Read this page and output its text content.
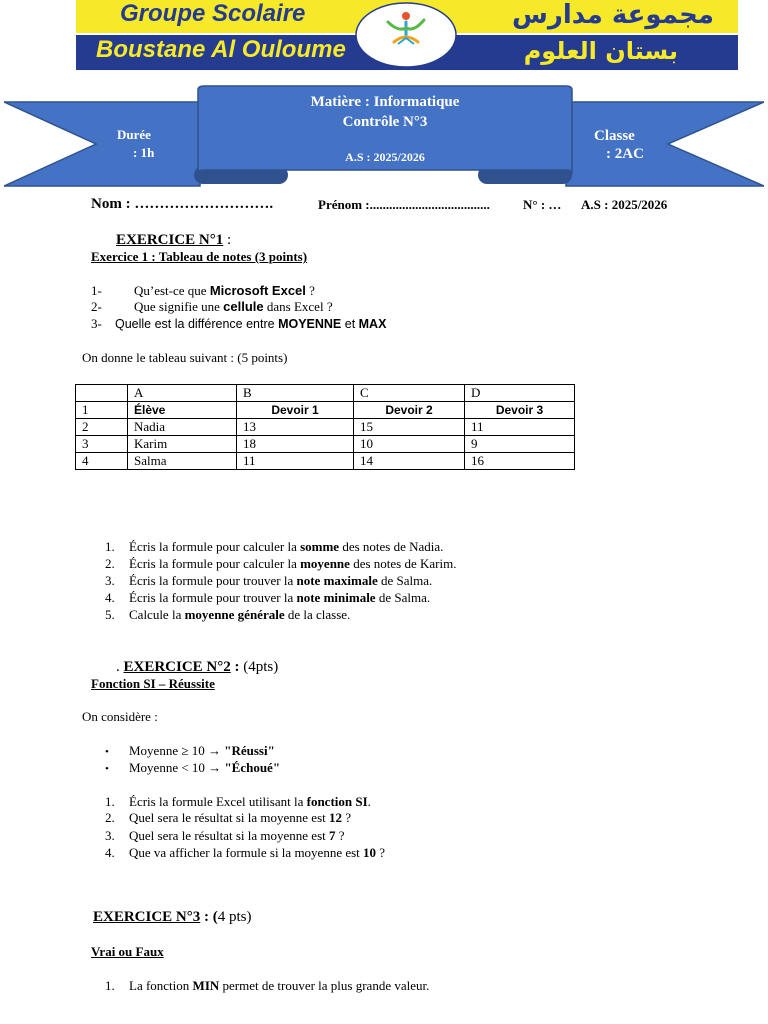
Groupe Scolaire
Boustane Al Ouloume
مجموعة مدارس
بستان العلوم
Matière : Informatique
Contrôle N°3
A.S : 2025/2026
Durée
: 1h
Classe
: 2AC
Nom : ……………………….	Prénom :.....................................	N° : … A.S : 2025/2026
EXERCICE N°1 :
Exercice 1 : Tableau de notes (3 points)
1- Qu’est-ce que Microsoft Excel ?
2- Que signifie une cellule dans Excel ?
3- Quelle est la différence entre MOYENNE et MAX
On donne le tableau suivant : (5 points)
	A	B	C	D
1	Élève	Devoir 1	Devoir 2	Devoir 3
2	Nadia	13	15	11
3	Karim	18	10	9
4	Salma	11	14	16
1. Écris la formule pour calculer la somme des notes de Nadia.
2. Écris la formule pour calculer la moyenne des notes de Karim.
3. Écris la formule pour trouver la note maximale de Salma.
4. Écris la formule pour trouver la note minimale de Salma.
5. Calcule la moyenne générale de la classe.
. EXERCICE N°2 : (4pts)
Fonction SI – Réussite
On considère :
• Moyenne ≥ 10 → "Réussi"
• Moyenne < 10 → "Échoué"
1. Écris la formule Excel utilisant la fonction SI.
2. Quel sera le résultat si la moyenne est 12 ?
3. Quel sera le résultat si la moyenne est 7 ?
4. Que va afficher la formule si la moyenne est 10 ?
EXERCICE N°3 : (4 pts)
Vrai ou Faux
1. La fonction MIN permet de trouver la plus grande valeur.
